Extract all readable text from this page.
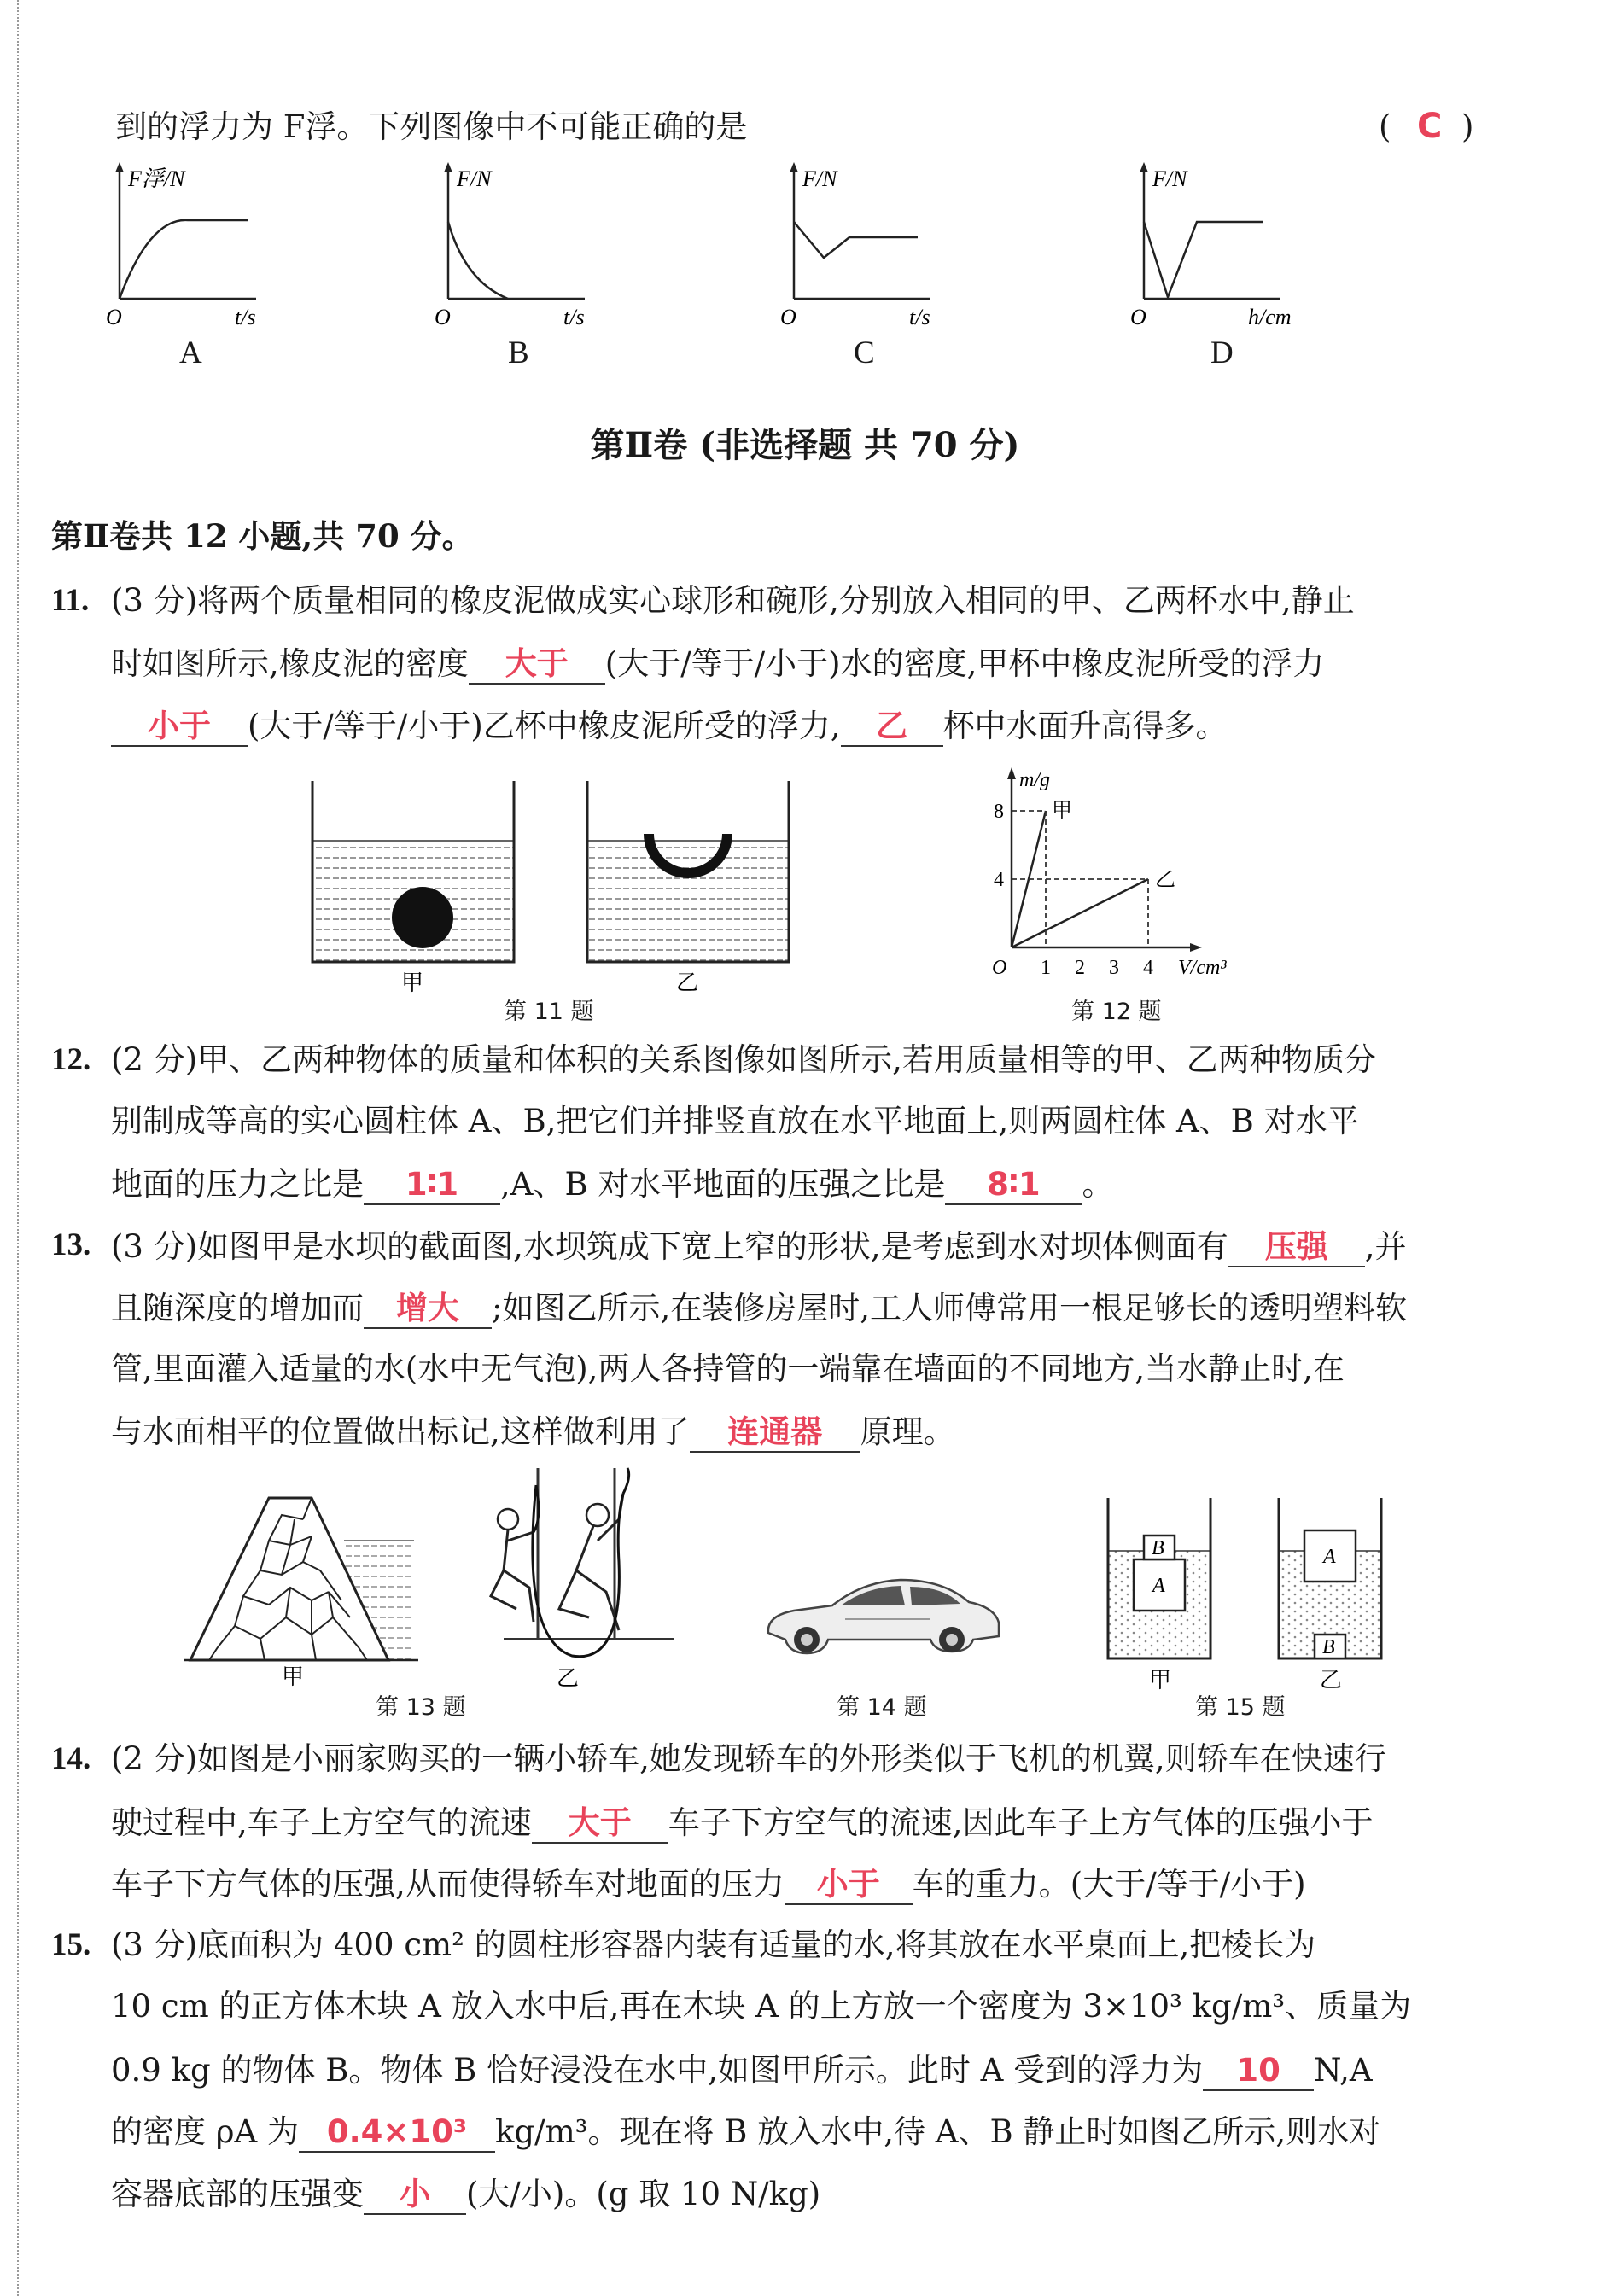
到的浮力为 F浮。下列图像中不可能正确的是	( C )
F浮/N
t/s
O
A
F/N
t/s
O
B
F/N
t/s
O
C
F/N
h/cm
O
D
第Ⅱ卷 (非选择题 共 70 分)
第Ⅱ卷共 12 小题,共 70 分。
11. (3 分)将两个质量相同的橡皮泥做成实心球形和碗形,分别放入相同的甲、乙两杯水中,静止
时如图所示,橡皮泥的密度 大于 (大于/等于/小于)水的密度,甲杯中橡皮泥所受的浮力
小于 (大于/等于/小于)乙杯中橡皮泥所受的浮力, 乙 杯中水面升高得多。
甲	乙
第 11 题
m/g
V/cm³
8
4
O 1 2 3 4
甲
乙
第 12 题
12. (2 分)甲、乙两种物体的质量和体积的关系图像如图所示,若用质量相等的甲、乙两种物质分
别制成等高的实心圆柱体 A、B,把它们并排竖直放在水平地面上,则两圆柱体 A、B 对水平
地面的压力之比是 1∶1 ,A、B 对水平地面的压强之比是 8∶1 。
13. (3 分)如图甲是水坝的截面图,水坝筑成下宽上窄的形状,是考虑到水对坝体侧面有 压强 ,并
且随深度的增加而 增大 ;如图乙所示,在装修房屋时,工人师傅常用一根足够长的透明塑料软
管,里面灌入适量的水(水中无气泡),两人各持管的一端靠在墙面的不同地方,当水静止时,在
与水面相平的位置做出标记,这样做利用了 连通器 原理。
甲	乙
第 13 题	第 14 题
A
B
甲
A
B
乙
第 15 题
14. (2 分)如图是小丽家购买的一辆小轿车,她发现轿车的外形类似于飞机的机翼,则轿车在快速行
驶过程中,车子上方空气的流速 大于 车子下方空气的流速,因此车子上方气体的压强小于
车子下方气体的压强,从而使得轿车对地面的压力 小于 车的重力。(大于/等于/小于)
15. (3 分)底面积为 400 cm² 的圆柱形容器内装有适量的水,将其放在水平桌面上,把棱长为
10 cm 的正方体木块 A 放入水中后,再在木块 A 的上方放一个密度为 3×10³ kg/m³、质量为
0.9 kg 的物体 B。物体 B 恰好浸没在水中,如图甲所示。此时 A 受到的浮力为 10 N,A
的密度 ρA 为 0.4×10³ kg/m³。现在将 B 放入水中,待 A、B 静止时如图乙所示,则水对
容器底部的压强变 小 (大/小)。(g 取 10 N/kg)
